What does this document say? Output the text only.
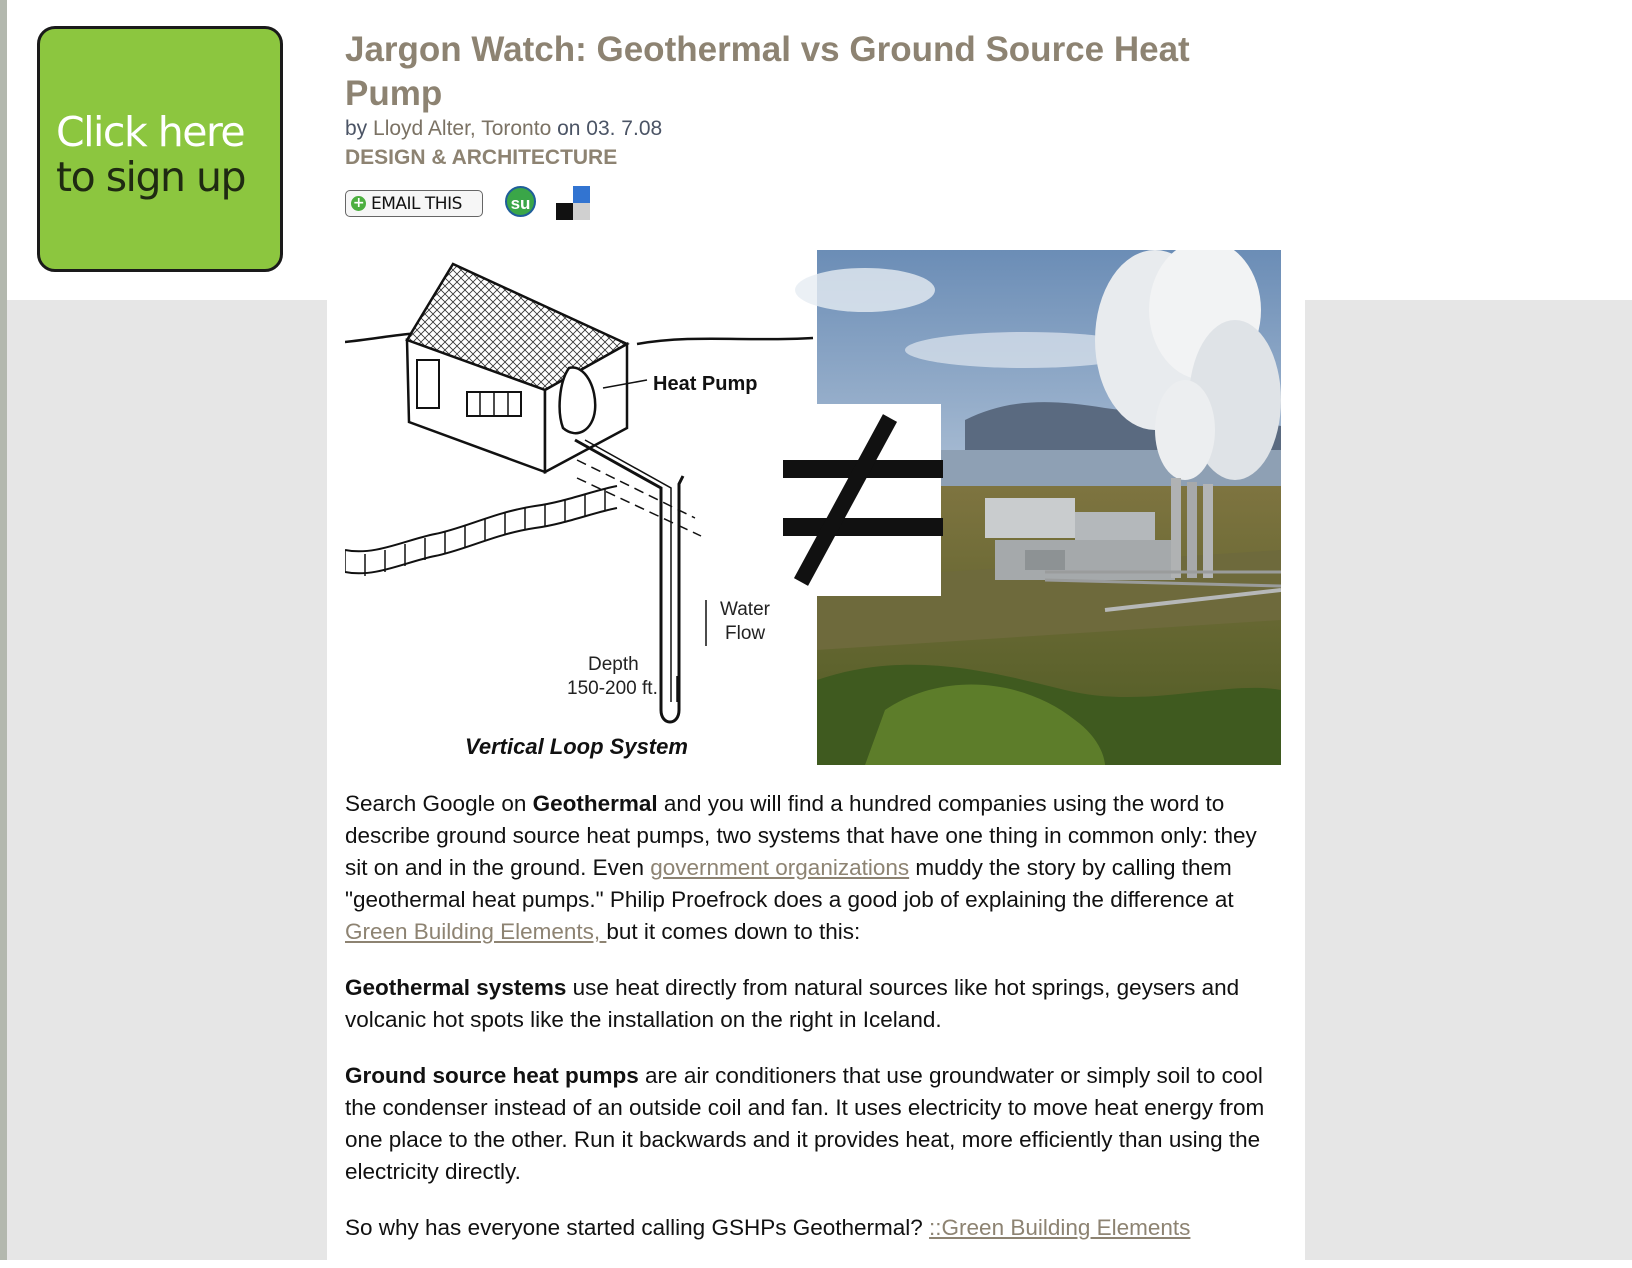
Click here
to sign up
Jargon Watch: Geothermal vs Ground Source Heat Pump
by Lloyd Alter, Toronto on 03. 7.08
DESIGN & ARCHITECTURE
+ EMAIL THIS	su
Heat Pump
Water
Flow
Depth
150-200 ft.
Vertical Loop System

Search Google on Geothermal and you will find a hundred companies using the word to describe ground source heat pumps, two systems that have one thing in common only: they sit on and in the ground. Even government organizations muddy the story by calling them "geothermal heat pumps." Philip Proefrock does a good job of explaining the difference at Green Building Elements, but it comes down to this:

Geothermal systems use heat directly from natural sources like hot springs, geysers and volcanic hot spots like the installation on the right in Iceland.

Ground source heat pumps are air conditioners that use groundwater or simply soil to cool the condenser instead of an outside coil and fan. It uses electricity to move heat energy from one place to the other. Run it backwards and it provides heat, more efficiently than using the electricity directly.

So why has everyone started calling GSHPs Geothermal? ::Green Building Elements
